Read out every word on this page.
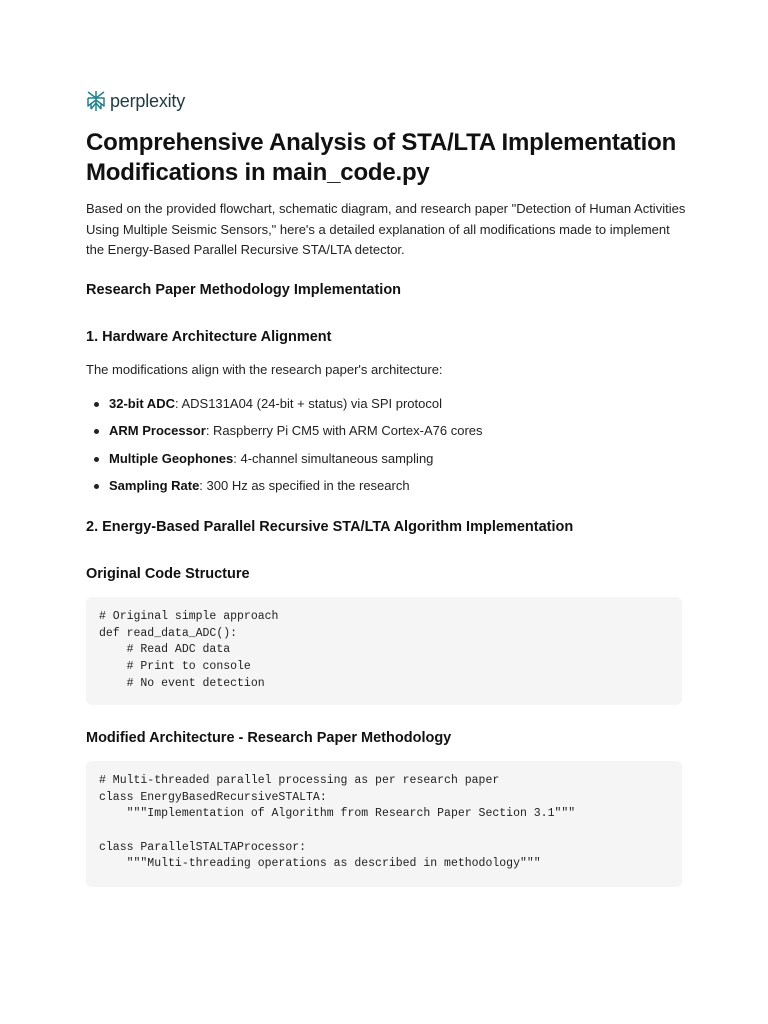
perplexity
Comprehensive Analysis of STA/LTA Implementation Modifications in main_code.py

Based on the provided flowchart, schematic diagram, and research paper "Detection of Human Activities Using Multiple Seismic Sensors," here's a detailed explanation of all modifications made to implement the Energy-Based Parallel Recursive STA/LTA detector.

Research Paper Methodology Implementation
1. Hardware Architecture Alignment

The modifications align with the research paper's architecture:

32-bit ADC: ADS131A04 (24-bit + status) via SPI protocol
ARM Processor: Raspberry Pi CM5 with ARM Cortex-A76 cores
Multiple Geophones: 4-channel simultaneous sampling
Sampling Rate: 300 Hz as specified in the research
2. Energy-Based Parallel Recursive STA/LTA Algorithm Implementation
Original Code Structure
# Original simple approach
def read_data_ADC():
# Read ADC data
# Print to console
# No event detection
Modified Architecture - Research Paper Methodology
# Multi-threaded parallel processing as per research paper
class EnergyBasedRecursiveSTALTA:
"""Implementation of Algorithm from Research Paper Section 3.1"""
class ParallelSTALTAProcessor:
"""Multi-threading operations as described in methodology"""
